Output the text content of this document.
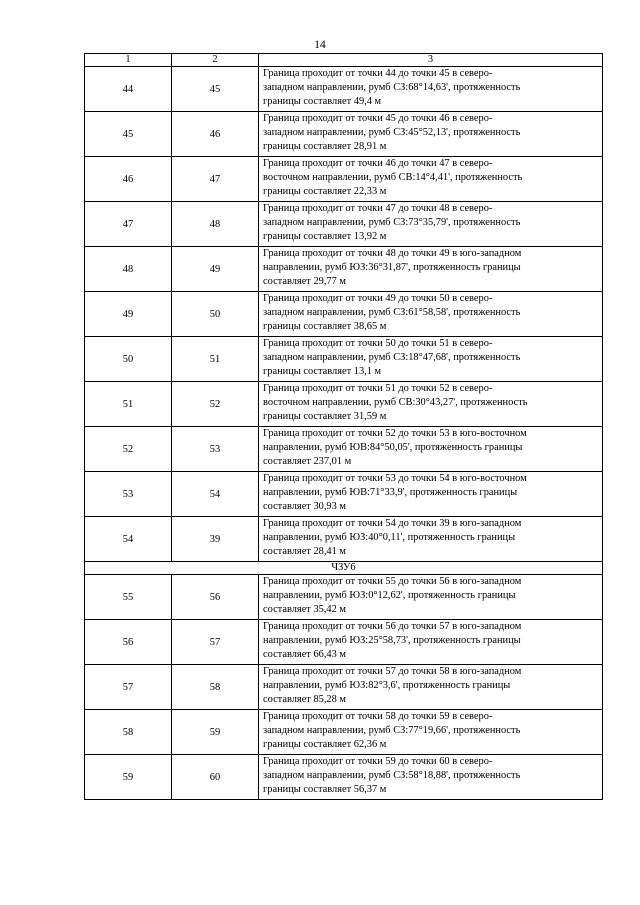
14
1	2	3
44	45	Граница проходит от точки 44 до точки 45 в северо-
западном направлении, румб СЗ:68°14,63', протяженность
границы составляет 49,4 м

45	46	Граница проходит от точки 45 до точки 46 в северо-
западном направлении, румб СЗ:45°52,13', протяженность
границы составляет 28,91 м

46	47	Граница проходит от точки 46 до точки 47 в северо-
восточном направлении, румб СВ:14°4,41', протяженность
границы составляет 22,33 м

47	48	Граница проходит от точки 47 до точки 48 в северо-
западном направлении, румб СЗ:73°35,79', протяженность
границы составляет 13,92 м

48	49	Граница проходит от точки 48 до точки 49 в юго-западном
направлении, румб ЮЗ:36°31,87', протяженность границы
составляет 29,77 м

49	50	Граница проходит от точки 49 до точки 50 в северо-
западном направлении, румб СЗ:61°58,58', протяженность
границы составляет 38,65 м

50	51	Граница проходит от точки 50 до точки 51 в северо-
западном направлении, румб СЗ:18°47,68', протяженность
границы составляет 13,1 м

51	52	Граница проходит от точки 51 до точки 52 в северо-
восточном направлении, румб СВ:30°43,27', протяженность
границы составляет 31,59 м

52	53	Граница проходит от точки 52 до точки 53 в юго-восточном
направлении, румб ЮВ:84°50,05', протяженность границы
составляет 237,01 м

53	54	Граница проходит от точки 53 до точки 54 в юго-восточном
направлении, румб ЮВ:71°33,9', протяженность границы
составляет 30,93 м

54	39	Граница проходит от точки 54 до точки 39 в юго-западном
направлении, румб ЮЗ:40°0,11', протяженность границы
составляет 28,41 м

ЧЗУ6		
55	56	Граница проходит от точки 55 до точки 56 в юго-западном
направлении, румб ЮЗ:0°12,62', протяженность границы
составляет 35,42 м

56	57	Граница проходит от точки 56 до точки 57 в юго-западном
направлении, румб ЮЗ:25°58,73', протяженность границы
составляет 66,43 м

57	58	Граница проходит от точки 57 до точки 58 в юго-западном
направлении, румб ЮЗ:82°3,6', протяженность границы
составляет 85,28 м

58	59	Граница проходит от точки 58 до точки 59 в северо-
западном направлении, румб СЗ:77°19,66', протяженность
границы составляет 62,36 м

59	60	Граница проходит от точки 59 до точки 60 в северо-
западном направлении, румб СЗ:58°18,88', протяженность
границы составляет 56,37 м
